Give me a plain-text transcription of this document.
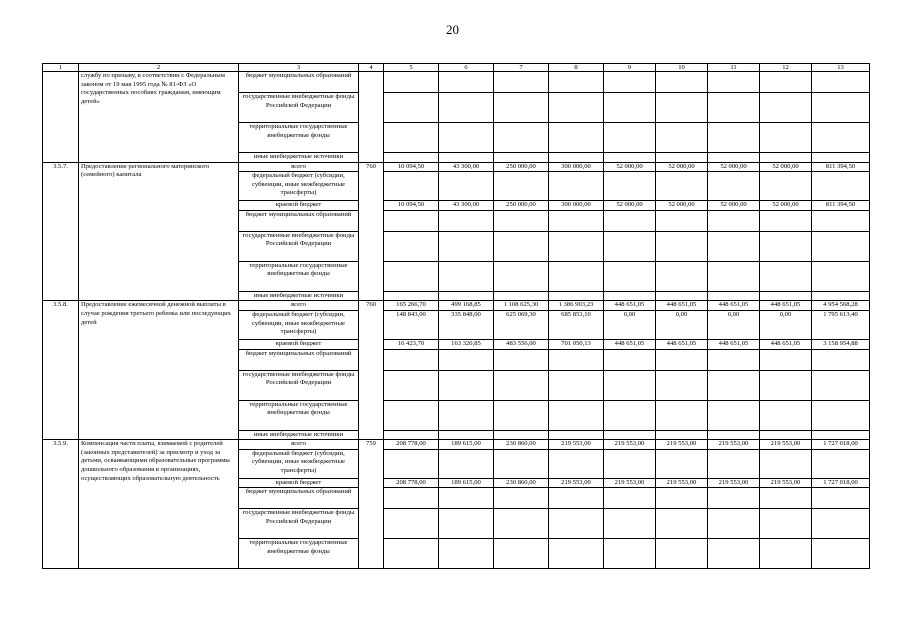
20
1	2	3	4	5	6	7	8	9	10	11	12	13
	службу по призыву, в соответствии с Федеральным законом от 19 мая 1995 года № 81-ФЗ «О государственных пособиях гражданам, имеющим детей»	бюджет муниципальных образований										
		государственные внебюджетные фонды Российской Федерации										
		территориальные государственные внебюджетные фонды										
		иные внебюджетные источники										
3.5.7.	Предоставление регионального материнского (семейного) капитала	всего	760	10 094,50	43 300,00	250 000,00	300 000,00	52 000,00	52 000,00	52 000,00	52 000,00	811 394,50
		федеральный бюджет (субсидии, субвенции, иные межбюджетные трансферты)										
		краевой бюджет		10 094,50	43 300,00	250 000,00	300 000,00	52 000,00	52 000,00	52 000,00	52 000,00	811 394,50
		бюджет муниципальных образований										
		государственные внебюджетные фонды Российской Федерации										
		территориальные государственные внебюджетные фонды										
		иные внебюджетные источники										
3.5.8.	Предоставление ежемесячной денежной выплаты в случае рождения третьего ребенка или последующих детей	всего	760	165 266,70	499 168,85	1 108 625,30	1 386 903,23	448 651,05	448 651,05	448 651,05	448 651,05	4 954 568,28
		федеральный бюджет (субсидии, субвенции, иные межбюджетные трансферты)		148 843,00	335 848,00	625 069,30	685 853,10	0,00	0,00	0,00	0,00	1 795 613,40
		краевой бюджет		16 423,70	163 320,85	483 556,00	701 050,13	448 651,05	448 651,05	448 651,05	448 651,05	3 158 954,88
		бюджет муниципальных образований										
		государственные внебюджетные фонды Российской Федерации										
		территориальные государственные внебюджетные фонды										
		иные внебюджетные источники										
3.5.9.	Компенсация части платы, взимаемой с родителей (законных представителей) за присмотр и уход за детьми, осваивающими образовательные программы дошкольного образования в организациях, осуществляющих образовательную деятельность	всего	759	208 778,00	189 615,00	230 860,00	219 553,00	219 553,00	219 553,00	219 553,00	219 553,00	1 727 018,00
		федеральный бюджет (субсидии, субвенции, иные межбюджетные трансферты)										
		краевой бюджет		208 778,00	189 615,00	230 860,00	219 553,00	219 553,00	219 553,00	219 553,00	219 553,00	1 727 018,00
		бюджет муниципальных образований										
		государственные внебюджетные фонды Российской Федерации										
		территориальные государственные внебюджетные фонды										
